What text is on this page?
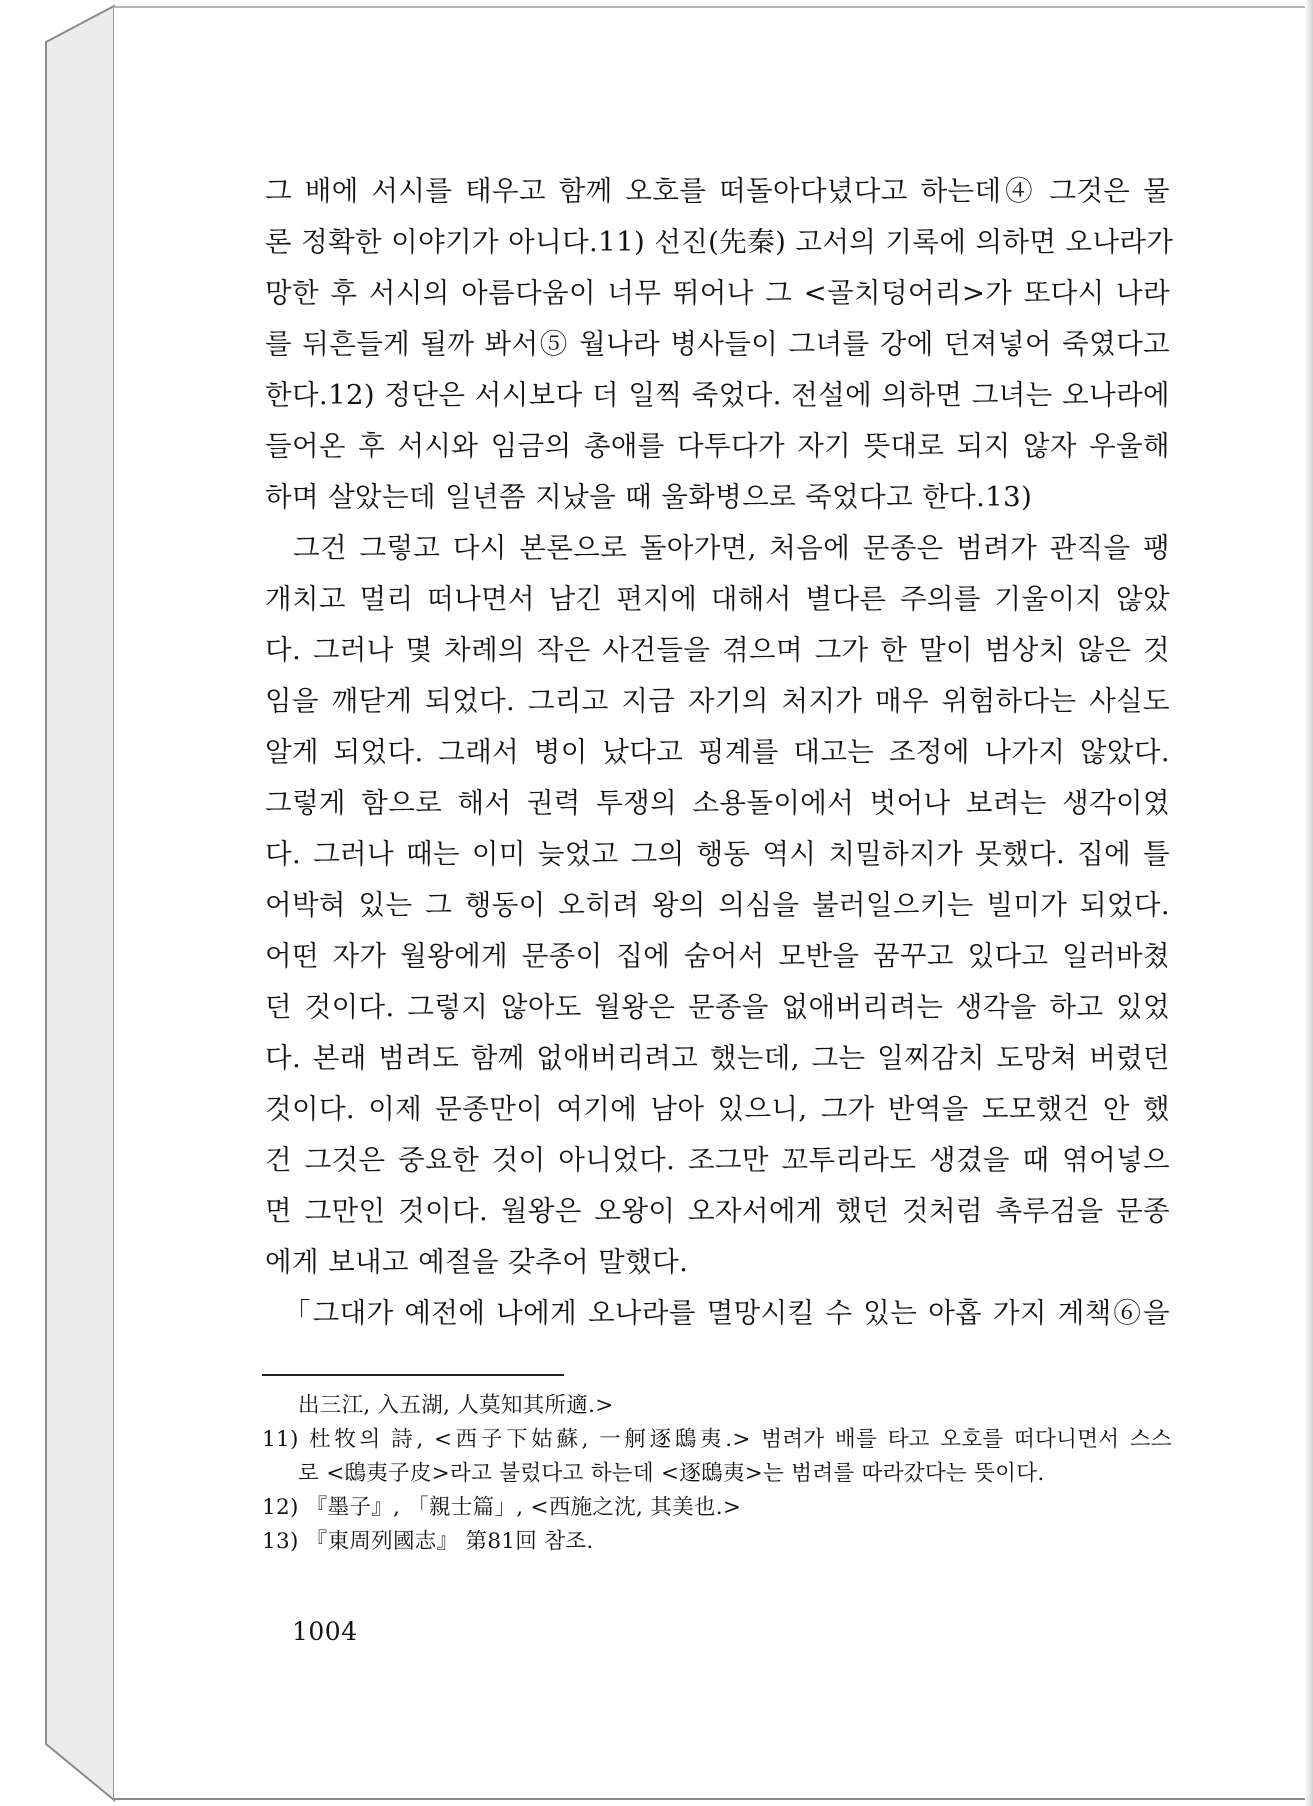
그 배에 서시를 태우고 함께 오호를 떠돌아다녔다고 하는데④ 그것은 물
론 정확한 이야기가 아니다.11) 선진(先秦) 고서의 기록에 의하면 오나라가
망한 후 서시의 아름다움이 너무 뛰어나 그 <골치덩어리>가 또다시 나라
를 뒤흔들게 될까 봐서⑤ 월나라 병사들이 그녀를 강에 던져넣어 죽였다고
한다.12) 정단은 서시보다 더 일찍 죽었다. 전설에 의하면 그녀는 오나라에
들어온 후 서시와 임금의 총애를 다투다가 자기 뜻대로 되지 않자 우울해
하며 살았는데 일년쯤 지났을 때 울화병으로 죽었다고 한다.13)
그건 그렇고 다시 본론으로 돌아가면, 처음에 문종은 범려가 관직을 팽
개치고 멀리 떠나면서 남긴 편지에 대해서 별다른 주의를 기울이지 않았
다. 그러나 몇 차례의 작은 사건들을 겪으며 그가 한 말이 범상치 않은 것
임을 깨닫게 되었다. 그리고 지금 자기의 처지가 매우 위험하다는 사실도
알게 되었다. 그래서 병이 났다고 핑계를 대고는 조정에 나가지 않았다.
그렇게 함으로 해서 권력 투쟁의 소용돌이에서 벗어나 보려는 생각이였
다. 그러나 때는 이미 늦었고 그의 행동 역시 치밀하지가 못했다. 집에 틀
어박혀 있는 그 행동이 오히려 왕의 의심을 불러일으키는 빌미가 되었다.
어떤 자가 월왕에게 문종이 집에 숨어서 모반을 꿈꾸고 있다고 일러바쳤
던 것이다. 그렇지 않아도 월왕은 문종을 없애버리려는 생각을 하고 있었
다. 본래 범려도 함께 없애버리려고 했는데, 그는 일찌감치 도망쳐 버렸던
것이다. 이제 문종만이 여기에 남아 있으니, 그가 반역을 도모했건 안 했
건 그것은 중요한 것이 아니었다. 조그만 꼬투리라도 생겼을 때 엮어넣으
면 그만인 것이다. 월왕은 오왕이 오자서에게 했던 것처럼 촉루검을 문종
에게 보내고 예절을 갖추어 말했다.
「그대가 예전에 나에게 오나라를 멸망시킬 수 있는 아홉 가지 계책⑥을
出三江, 入五湖, 人莫知其所適.>
11) 杜牧의 詩, <西子下姑蘇, 一舸逐鴟夷.> 범려가 배를 타고 오호를 떠다니면서 스스
로 <鴟夷子皮>라고 불렀다고 하는데 <逐鴟夷>는 범려를 따라갔다는 뜻이다.
12) 『墨子』, 「親士篇」, <西施之沈, 其美也.>
13) 『東周列國志』 第81回 참조.
1004
